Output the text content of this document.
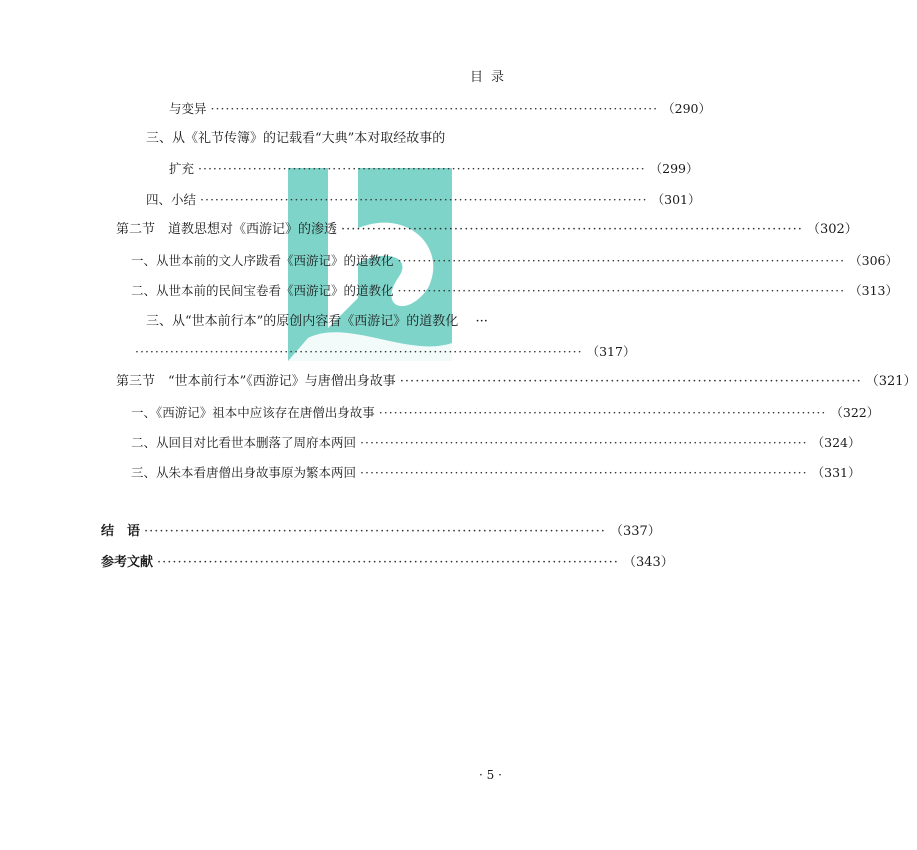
目录
与变异 ·························································································· （290）
三、从《礼节传簿》的记载看“大典”本对取经故事的
扩充 ·························································································· （299）
四、小结 ·························································································· （301）
第二节　道教思想对《西游记》的渗透 ·························································································· （302）
一、从世本前的文人序跋看《西游记》的道教化 ·························································································· （306）
二、从世本前的民间宝卷看《西游记》的道教化 ·························································································· （313）
三、从“世本前行本”的原创内容看《西游记》的道教化 　···
·························································································· （317）
第三节　“世本前行本”《西游记》与唐僧出身故事 ·························································································· （321）
一、《西游记》祖本中应该存在唐僧出身故事 ·························································································· （322）
二、从回目对比看世本删落了周府本两回 ·························································································· （324）
三、从朱本看唐僧出身故事原为繁本两回 ·························································································· （331）
结　语 ·························································································· （337）
参考文献 ·························································································· （343）
· 5 ·
